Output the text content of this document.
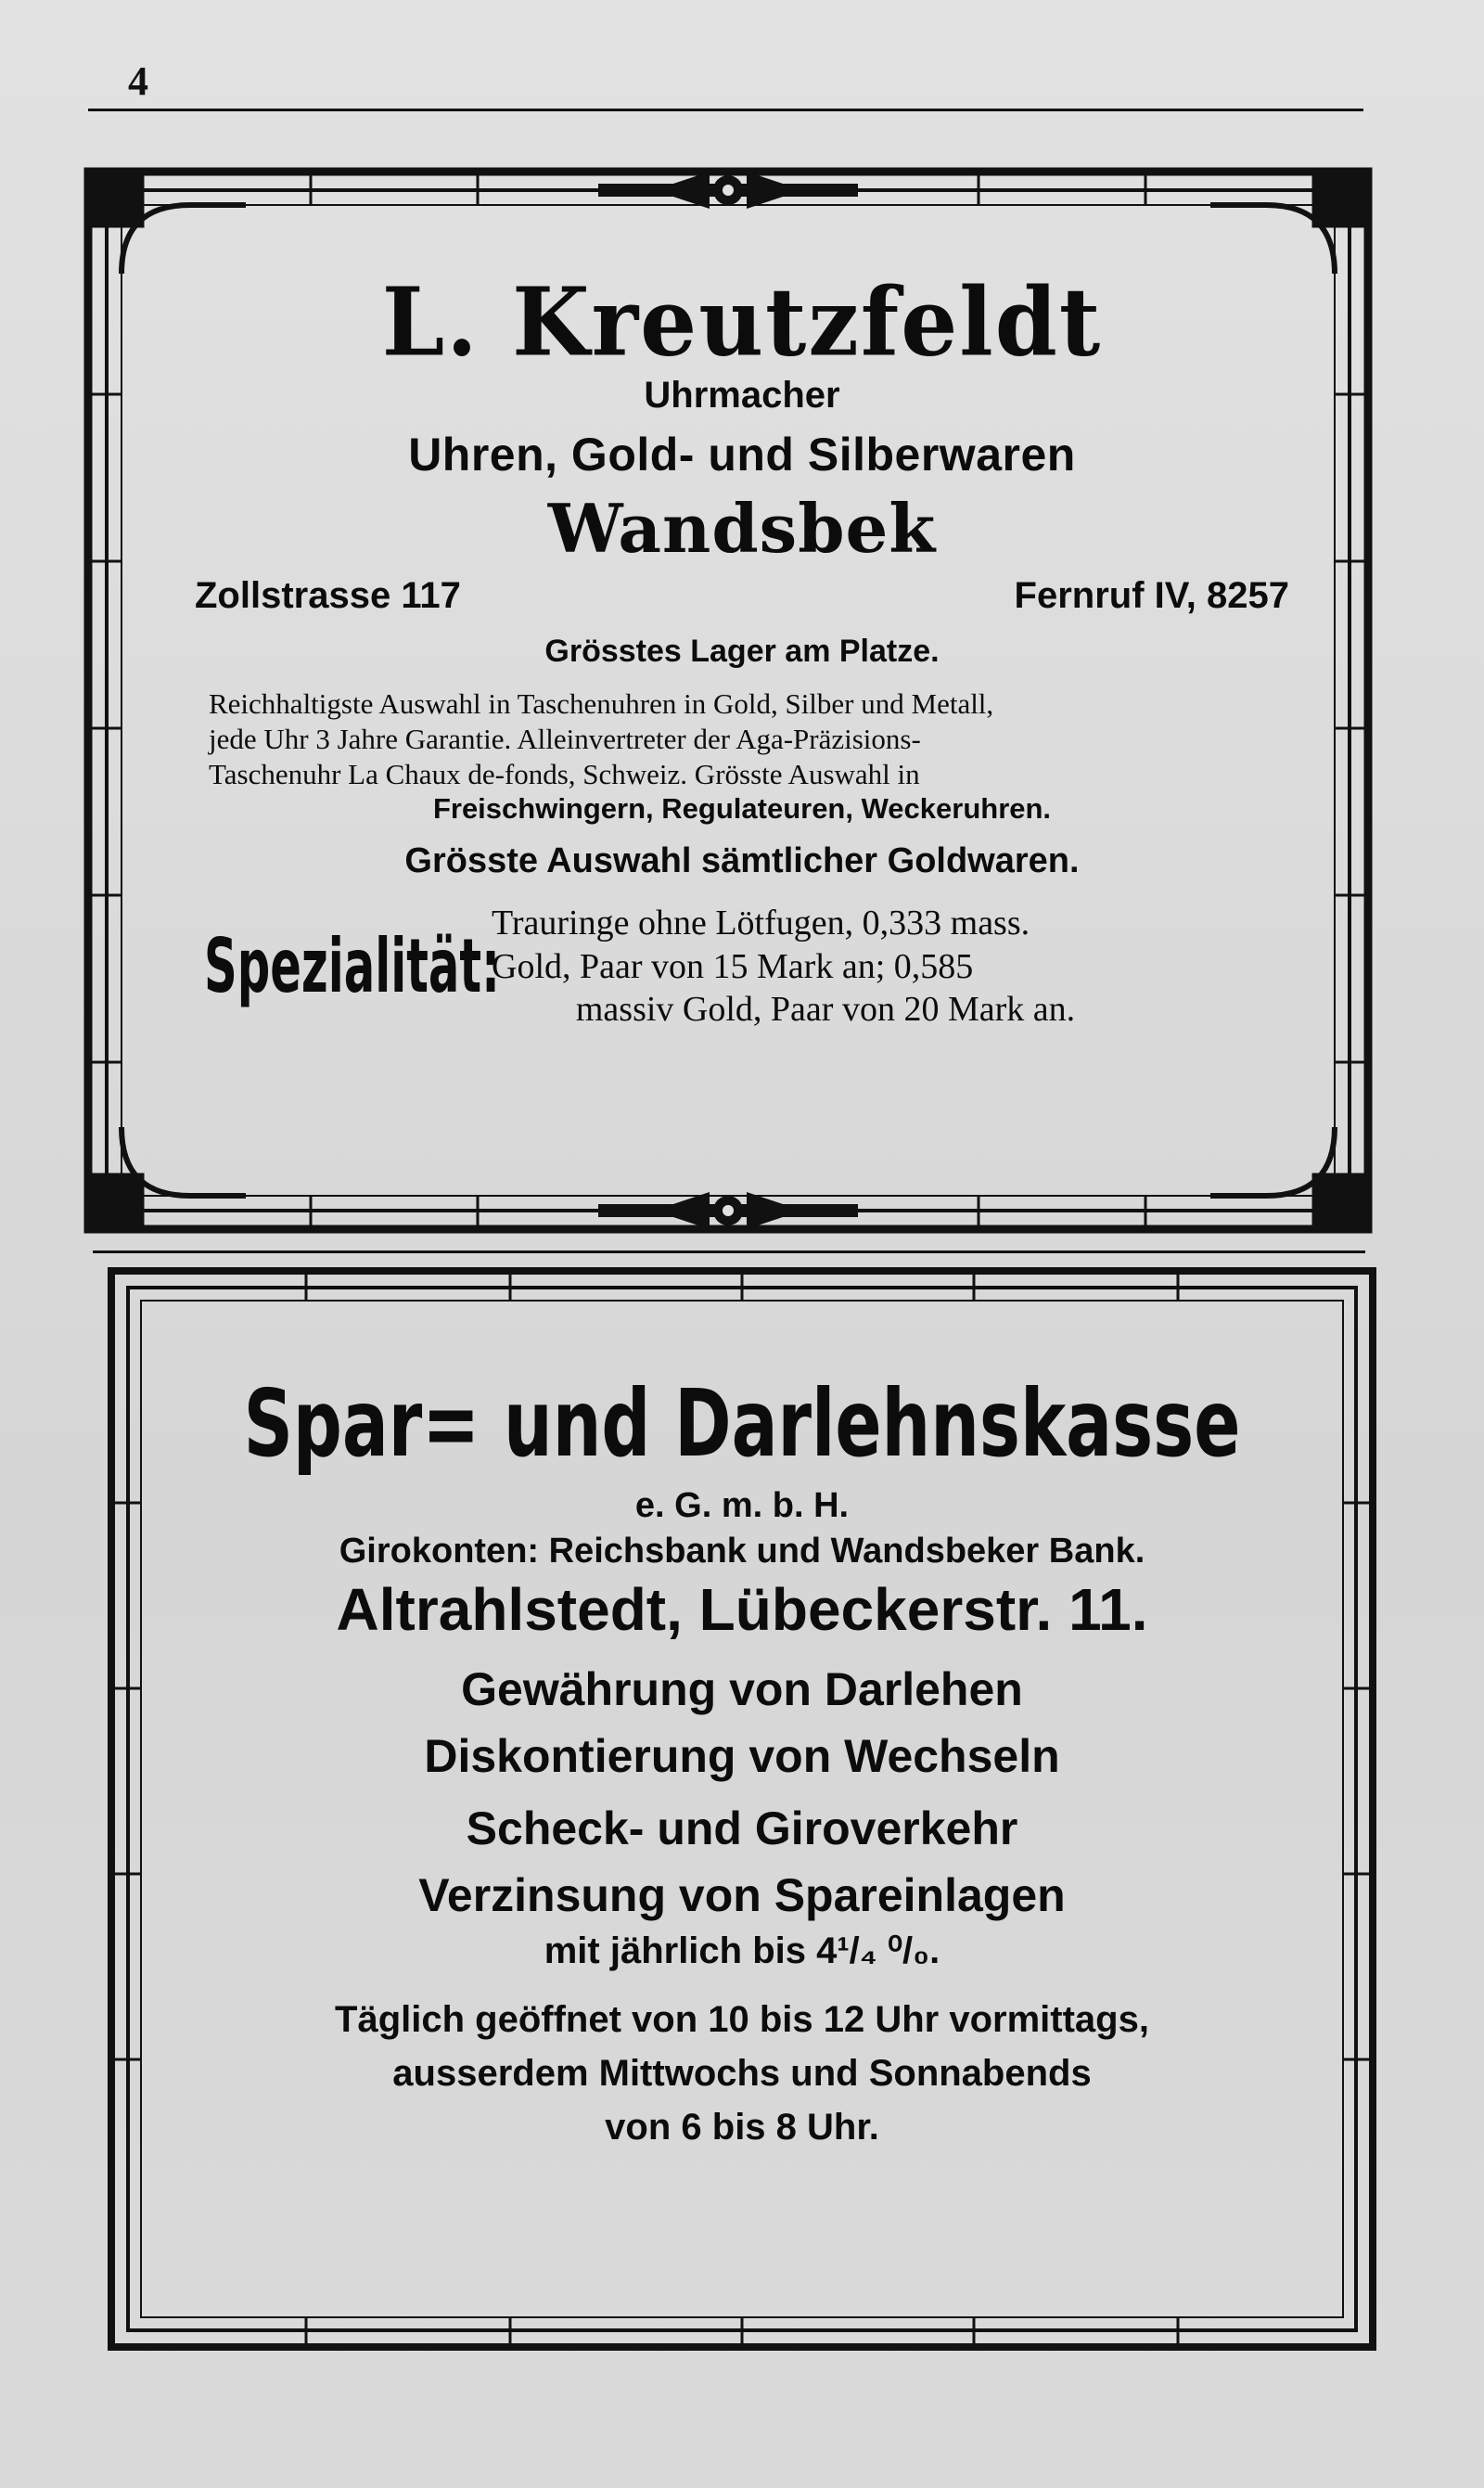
4
L. Kreutzfeldt
Uhrmacher
Uhren, Gold- und Silberwaren
Wandsbek
Zollstrasse 117	Fernruf IV, 8257
Grösstes Lager am Platze.
Reichhaltigste Auswahl in Taschenuhren in Gold, Silber und Metall,
jede Uhr 3 Jahre Garantie. Alleinvertreter der Aga-Präzisions-
Taschenuhr La Chaux de-fonds, Schweiz. Grösste Auswahl in
Freischwingern, Regulateuren, Weckeruhren.
Grösste Auswahl sämtlicher Goldwaren.
Spezialität:
Trauringe ohne Lötfugen, 0,333 mass.
Gold, Paar von 15 Mark an; 0,585
massiv Gold, Paar von 20 Mark an.
Spar= und Darlehnskasse
e. G. m. b. H.
Girokonten: Reichsbank und Wandsbeker Bank.
Altrahlstedt, Lübeckerstr. 11.
Gewährung von Darlehen
Diskontierung von Wechseln
Scheck- und Giroverkehr
Verzinsung von Spareinlagen
mit jährlich bis 4¹/₄ ⁰/₀.
Täglich geöffnet von 10 bis 12 Uhr vormittags,
ausserdem Mittwochs und Sonnabends
von 6 bis 8 Uhr.
